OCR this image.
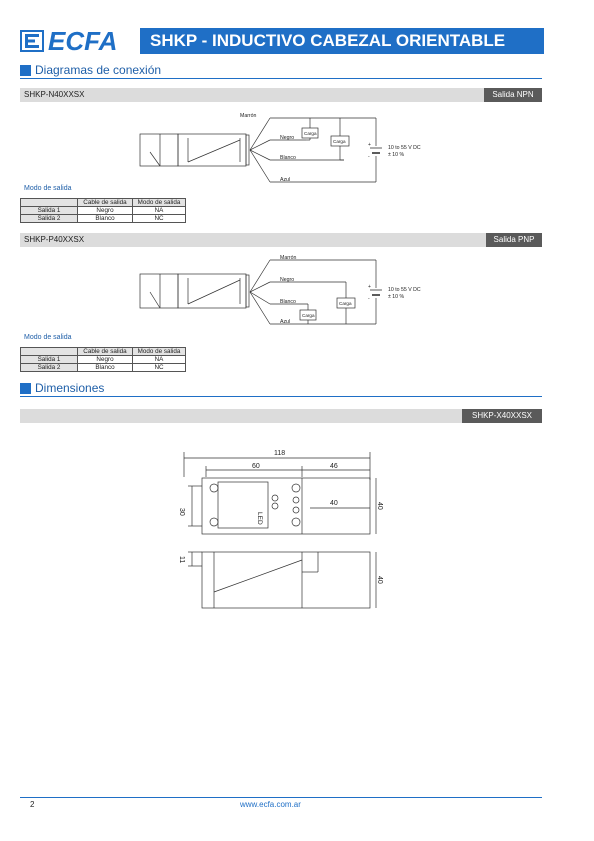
ECFA SHKP - INDUCTIVO CABEZAL ORIENTABLE
Diagramas de conexión
SHKP-N40XXSX	Salida NPN
Marrón
Negro
Blanco
Azul
Carga
Carga
+
-
10 to 55 V DC
± 10 %
Modo de salida
	Cable de salida	Modo de salida
Salida 1	Negro	NA
Salida 2	Blanco	NC
SHKP-P40XXSX	Salida PNP
Marrón
Negro
Blanco
Azul
Carga
Carga
+
-
10 to 55 V DC
± 10 %
Modo de salida
	Cable de salida	Modo de salida
Salida 1	Negro	NA
Salida 2	Blanco	NC
Dimensiones
SHKP-X40XXSX
118
60	46
40
30
40
11
40
LED
2	www.ecfa.com.ar
